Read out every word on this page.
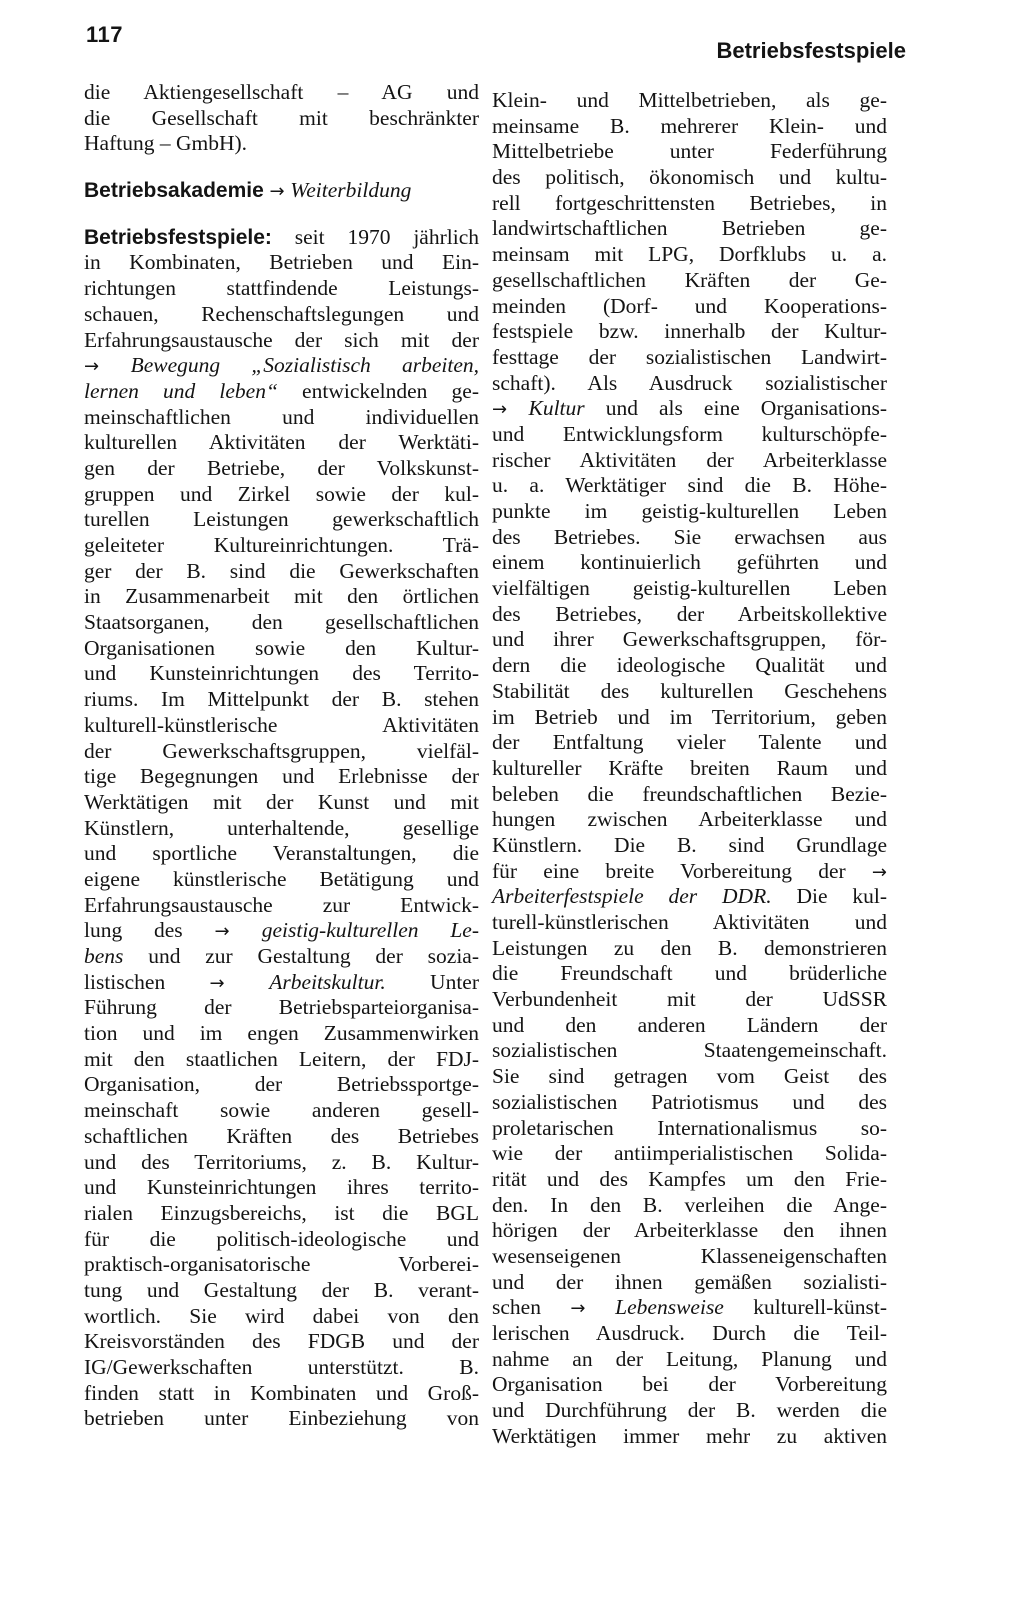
117
Betriebsfestspiele
die Aktiengesellschaft – AG und
die Gesellschaft mit beschränkter
Haftung – GmbH).
Betriebsakademie → Weiterbildung
Betriebsfestspiele: seit 1970 jährlich
in Kombinaten, Betrieben und Ein-
richtungen stattfindende Leistungs-
schauen, Rechenschaftslegungen und
Erfahrungsaustausche der sich mit der
→ Bewegung „Sozialistisch arbeiten,
lernen und leben“ entwickelnden ge-
meinschaftlichen und individuellen
kulturellen Aktivitäten der Werktäti-
gen der Betriebe, der Volkskunst-
gruppen und Zirkel sowie der kul-
turellen Leistungen gewerkschaftlich
geleiteter Kultureinrichtungen. Trä-
ger der B. sind die Gewerkschaften
in Zusammenarbeit mit den örtlichen
Staatsorganen, den gesellschaftlichen
Organisationen sowie den Kultur-
und Kunsteinrichtungen des Territo-
riums. Im Mittelpunkt der B. stehen
kulturell-künstlerische Aktivitäten
der Gewerkschaftsgruppen, vielfäl-
tige Begegnungen und Erlebnisse der
Werktätigen mit der Kunst und mit
Künstlern, unterhaltende, gesellige
und sportliche Veranstaltungen, die
eigene künstlerische Betätigung und
Erfahrungsaustausche zur Entwick-
lung des → geistig-kulturellen Le-
bens und zur Gestaltung der sozia-
listischen → Arbeitskultur. Unter
Führung der Betriebsparteiorganisa-
tion und im engen Zusammenwirken
mit den staatlichen Leitern, der FDJ-
Organisation, der Betriebssportge-
meinschaft sowie anderen gesell-
schaftlichen Kräften des Betriebes
und des Territoriums, z. B. Kultur-
und Kunsteinrichtungen ihres territo-
rialen Einzugsbereichs, ist die BGL
für die politisch-ideologische und
praktisch-organisatorische Vorberei-
tung und Gestaltung der B. verant-
wortlich. Sie wird dabei von den
Kreisvorständen des FDGB und der
IG/Gewerkschaften unterstützt. B.
finden statt in Kombinaten und Groß-
betrieben unter Einbeziehung von
Klein- und Mittelbetrieben, als ge-
meinsame B. mehrerer Klein- und
Mittelbetriebe unter Federführung
des politisch, ökonomisch und kultu-
rell fortgeschrittensten Betriebes, in
landwirtschaftlichen Betrieben ge-
meinsam mit LPG, Dorfklubs u. a.
gesellschaftlichen Kräften der Ge-
meinden (Dorf- und Kooperations-
festspiele bzw. innerhalb der Kultur-
festtage der sozialistischen Landwirt-
schaft). Als Ausdruck sozialistischer
→ Kultur und als eine Organisations-
und Entwicklungsform kulturschöpfe-
rischer Aktivitäten der Arbeiterklasse
u. a. Werktätiger sind die B. Höhe-
punkte im geistig-kulturellen Leben
des Betriebes. Sie erwachsen aus
einem kontinuierlich geführten und
vielfältigen geistig-kulturellen Leben
des Betriebes, der Arbeitskollektive
und ihrer Gewerkschaftsgruppen, för-
dern die ideologische Qualität und
Stabilität des kulturellen Geschehens
im Betrieb und im Territorium, geben
der Entfaltung vieler Talente und
kultureller Kräfte breiten Raum und
beleben die freundschaftlichen Bezie-
hungen zwischen Arbeiterklasse und
Künstlern. Die B. sind Grundlage
für eine breite Vorbereitung der →
Arbeiterfestspiele der DDR. Die kul-
turell-künstlerischen Aktivitäten und
Leistungen zu den B. demonstrieren
die Freundschaft und brüderliche
Verbundenheit mit der UdSSR
und den anderen Ländern der
sozialistischen Staatengemeinschaft.
Sie sind getragen vom Geist des
sozialistischen Patriotismus und des
proletarischen Internationalismus so-
wie der antiimperialistischen Solida-
rität und des Kampfes um den Frie-
den. In den B. verleihen die Ange-
hörigen der Arbeiterklasse den ihnen
wesenseigenen Klasseneigenschaften
und der ihnen gemäßen sozialisti-
schen → Lebensweise kulturell-künst-
lerischen Ausdruck. Durch die Teil-
nahme an der Leitung, Planung und
Organisation bei der Vorbereitung
und Durchführung der B. werden die
Werktätigen immer mehr zu aktiven
